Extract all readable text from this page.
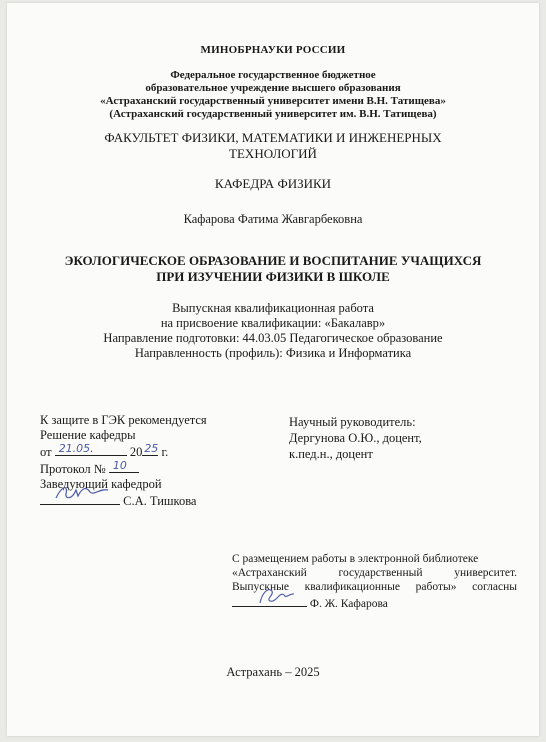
МИНОБРНАУКИ РОССИИ
Федеральное государственное бюджетное
образовательное учреждение высшего образования
«Астраханский государственный университет имени В.Н. Татищева»
(Астраханский государственный университет им. В.Н. Татищева)
ФАКУЛЬТЕТ ФИЗИКИ, МАТЕМАТИКИ И ИНЖЕНЕРНЫХ
ТЕХНОЛОГИЙ
КАФЕДРА ФИЗИКИ
Кафарова Фатима Жавгарбековна
ЭКОЛОГИЧЕСКОЕ ОБРАЗОВАНИЕ И ВОСПИТАНИЕ УЧАЩИХСЯ
ПРИ ИЗУЧЕНИИ ФИЗИКИ В ШКОЛЕ
Выпускная квалификационная работа
на присвоение квалификации: «Бакалавр»
Направление подготовки: 44.03.05 Педагогическое образование
Направленность (профиль): Физика и Информатика
К защите в ГЭК рекомендуется
Решение кафедры
от 21.05.	20 25 г.
Протокол № 10
Заведующий кафедрой
С.А. Тишкова
Научный руководитель:
Дергунова О.Ю., доцент,
к.пед.н., доцент
С размещением работы в электронной библиотеке
«Астраханский	государственный	университет.
Выпускные квалификационные работы» согласны
Ф. Ж. Кафарова
Астрахань – 2025
